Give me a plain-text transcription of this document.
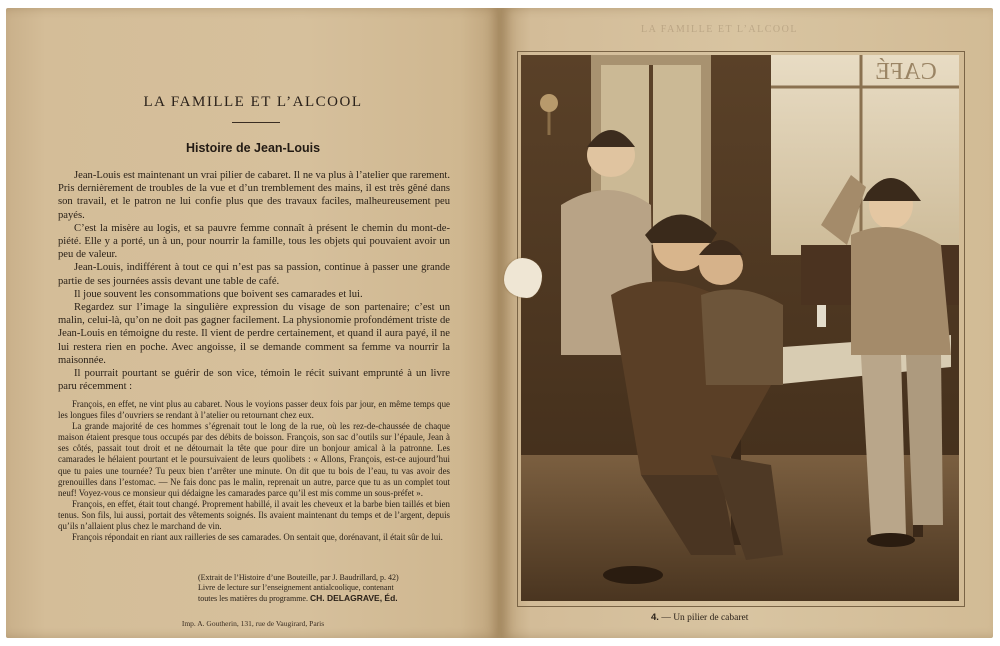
LA FAMILLE ET L’ALCOOL
Histoire de Jean-Louis

Jean-Louis est maintenant un vrai pilier de cabaret. Il ne va plus à l’atelier que rarement. Pris dernièrement de troubles de la vue et d’un tremblement des mains, il est très gêné dans son travail, et le patron ne lui confie plus que des travaux faciles, malheureusement peu payés.

C’est la misère au logis, et sa pauvre femme connaît à présent le chemin du mont-de-piété. Elle y a porté, un à un, pour nourrir la famille, tous les objets qui pouvaient avoir un peu de valeur.

Jean-Louis, indifférent à tout ce qui n’est pas sa passion, continue à passer une grande partie de ses journées assis devant une table de café.

Il joue souvent les consommations que boivent ses camarades et lui.

Regardez sur l’image la singulière expression du visage de son partenaire; c’est un malin, celui-là, qu’on ne doit pas gagner facilement. La physionomie profondément triste de Jean-Louis en témoigne du reste. Il vient de perdre certainement, et quand il aura payé, il ne lui restera rien en poche. Avec angoisse, il se demande comment sa femme va nourrir la maisonnée.

Il pourrait pourtant se guérir de son vice, témoin le récit suivant emprunté à un livre paru récemment :

François, en effet, ne vint plus au cabaret. Nous le voyions passer deux fois par jour, en même temps que les longues files d’ouvriers se rendant à l’atelier ou retournant chez eux.

La grande majorité de ces hommes s’égrenait tout le long de la rue, où les rez-de-chaussée de chaque maison étaient presque tous occupés par des débits de boisson. François, son sac d’outils sur l’épaule, Jean à ses côtés, passait tout droit et ne détournait la tête que pour dire un bonjour amical à la patronne. Les camarades le hélaient pourtant et le poursuivaient de leurs quolibets : « Allons, François, est-ce aujourd’hui que tu paies une tournée? Tu peux bien t’arrêter une minute. On dit que tu bois de l’eau, tu vas avoir des grenouilles dans l’estomac. — Ne fais donc pas le malin, reprenait un autre, parce que tu as un complet tout neuf! Voyez-vous ce monsieur qui dédaigne les camarades parce qu’il est mis comme un sous-préfet ».

François, en effet, était tout changé. Proprement habillé, il avait les cheveux et la barbe bien taillés et bien tenus. Son fils, lui aussi, portait des vêtements soignés. Ils avaient maintenant du temps et de l’argent, depuis qu’ils n’allaient plus chez le marchand de vin.

François répondait en riant aux railleries de ses camarades. On sentait que, dorénavant, il était sûr de lui.

(Extrait de l’Histoire d’une Bouteille, par J. Baudrillard, p. 42)
Livre de lecture sur l’enseignement antialcoolique, contenant
toutes les matières du programme. CH. DELAGRAVE, Éd.
Imp. A. Goutherin, 131, rue de Vaugirard, Paris
LA FAMILLE ET L’ALCOOL
CAFÉ
4. — Un pilier de cabaret
